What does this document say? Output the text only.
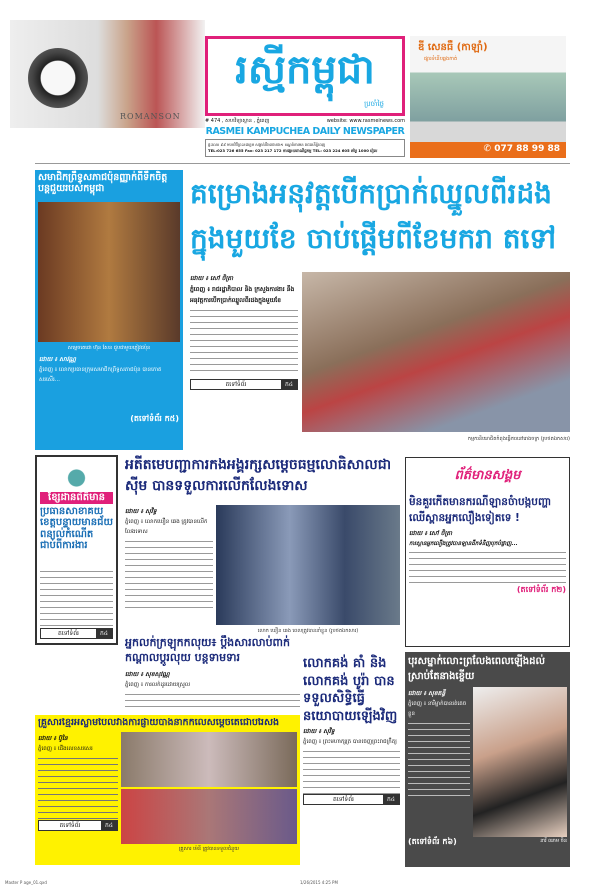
ROMANSON
រស្មីកម្ពុជា
ប្រចាំថ្ងៃ
# 474 , សហវិទ្យាស្ថាន , ភ្នំពេញ	website: www.rasmeinews.com
RASMEI KAMPUCHEA DAILY NEWSPAPER
ផ្ទះលេខ ៩៩ មហាវិថីព្រះនរោត្តម សង្កាត់បឹងកេងកង១ ខណ្ឌចំការមន រាជធានីភ្នំពេញ
TEL:023 726 655 Fax: 023 217 172 ការផ្សាយពាណិជ្ជកម្ម TEL: 023 224 605 តម្លៃ 1000 រៀល
ឌី សេនធឺ (កាឡាំ)
ផ្សារទំនើបឆ្លងកាត់
✆ 077 88 99 88
សមាជិកព្រឹទ្ធសភាជប៉ុនញ្ញាក់ពីទឹកចិត្តបន្តជួយរបស់កម្ពុជា
សម្តេចតេជោ ហ៊ុន សែន ជួបជាមួយភ្ញៀវជប៉ុន
ដោយ ៖ សាវណ្ណ
ភ្នំពេញ ៖ លោកប្រធានក្រុមសមាជិកព្រឹទ្ធសភាជប៉ុន បានកោតសរសើរ...
(តទៅទំព័រ ក៥)
គម្រោងអនុវត្តបើកប្រាក់ឈ្នួលពីរដង
ក្នុងមួយខែ ចាប់ផ្តើមពីខែមករា តទៅ
ដោយ ៖ សៅ ចិត្រា
ភ្នំពេញ ៖ រាជរដ្ឋាភិបាល និង ក្រសួងការងារ នឹងអនុវត្តការបើកប្រាក់ឈ្នួលពីរដងក្នុងមួយខែ
តទៅទំព័រ	ក៤
កម្មករនិយោជិតកំពុងធ្វើការនៅរោងចក្រ (រូបថតឯកសារ)
ខ្សែដានព័ត៌មាន
ប្រធានសាខាគយខេត្តបន្ទាយមានជ័យពន្យល់កំណើតជាប់ពីការងារ
តទៅទំព័រ	ក៤
អតីតមេបញ្ជាការកងអង្គរក្សសម្តេចធម្មលោធិសាលជា ស៊ីម បានទទួលការលើកលែងទោស
ដោយ ៖ សុវិទ្ធ
ភ្នំពេញ ៖ លោកឃឿន ឆេង ត្រូវបានលើកលែងទោស
លោក ឃឿន ឆេង ពេលត្រូវបាននាំខ្លួន (រូបថតឯកសារ)
ព័ត៌មានសង្គម
មិនគួរកើតមានករណីឡានចំាបង្កបញ្ហាឈើស្ពានអ្នកលឿងទៀតទេ !
ដោយ ៖ សៅ ចិត្រា
ការស្ពានអ្នកលឿងត្រូវបានឡានដឹកទំនិញបុកបំផ្លាញ...
(តទៅទំព័រ ក២)
អ្នកលក់ក្រឡុកកលុយ៖ ប្តឹងសារលាប់ពាក់កណ្តាលប្តូរលុយ បន្តទាមទារ
ដោយ ៖ សុខសុវណ្ណ
ភ្នំពេញ ៖ ការលក់ដូរដោយស្រួល
លោកគង់ គាំ និង លោកគង់ បូរ៉ា បានទទួលសិទ្ធិធ្វើនយោបាយឡើងវិញ
ដោយ ៖ សុវិទ្ធ
ភ្នំពេញ ៖ ព្រះមហាក្សត្រ បានចេញព្រះរាជក្រឹត្យ
តទៅទំព័រ	ក៤
បុរសម្នាក់លោះព្រលែងពេលឡើងដល់ស្រាប់តែនាងខ្ចើយ
ដោយ ៖ សុខគន្ធី
ភ្នំពេញ ៖ នារីម្នាក់បានរត់គេចខ្លួន
(តទៅទំព័រ ក៦)	នារី ឈាម ចិន
គ្រួសារខ្មែរអីស្លាមប៉ែលវាងការផ្ញាយបាងនាក់កំលើសម្តេចតេជោបំរែសង
ដោយ ៖ ប៊ូនៃ
ភ្នំពេញ ៖ ជើងលេខសរសេរ
តទៅទំព័រ	ក៤
គ្រួសារ ម៉េនី ត្រូវបានទទួលជំនួយ
Master P age_01.qxd	1/26/2015 4:25 PM
